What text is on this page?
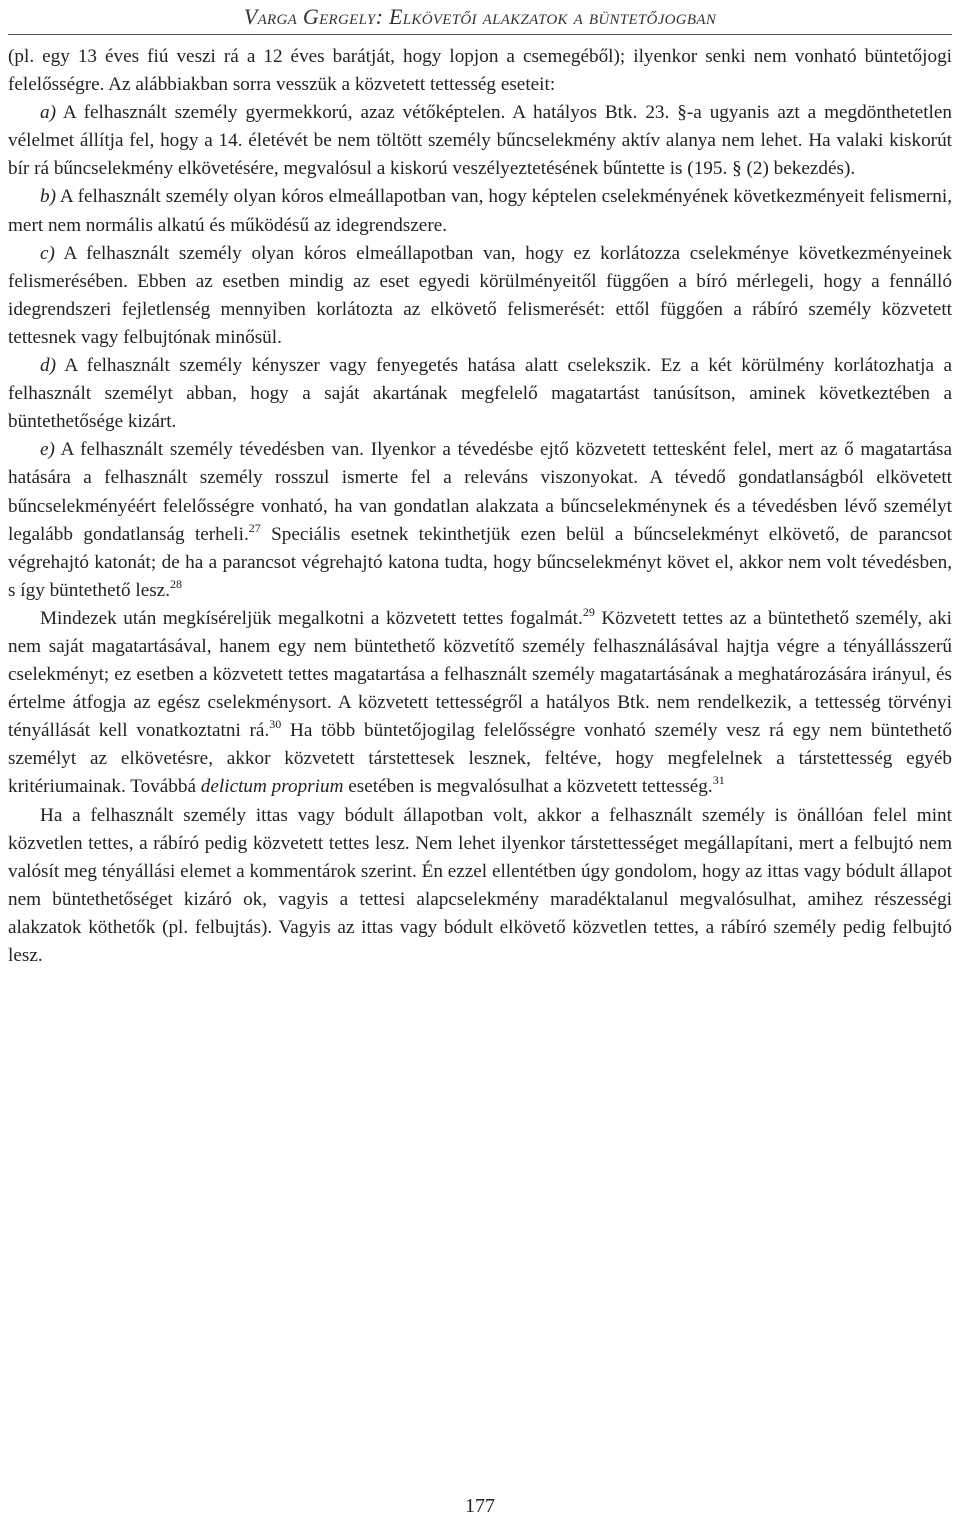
Varga Gergely: Elkövetői alakzatok a büntetőjogban

(pl. egy 13 éves fiú veszi rá a 12 éves barátját, hogy lopjon a csemegéből); ilyenkor senki nem vonható büntetőjogi felelősségre. Az alábbiakban sorra vesszük a közvetett tettesség eseteit:

a) A felhasznált személy gyermekkorú, azaz vétőképtelen. A hatályos Btk. 23. §-a ugyanis azt a megdönthetetlen vélelmet állítja fel, hogy a 14. életévét be nem töltött személy bűncselekmény aktív alanya nem lehet. Ha valaki kiskorút bír rá bűncselekmény elkövetésére, megvalósul a kiskorú veszélyeztetésének bűntette is (195. § (2) bekezdés).

b) A felhasznált személy olyan kóros elmeállapotban van, hogy képtelen cselekményének következményeit felismerni, mert nem normális alkatú és működésű az idegrendszere.

c) A felhasznált személy olyan kóros elmeállapotban van, hogy ez korlátozza cselekménye következményeinek felismerésében. Ebben az esetben mindig az eset egyedi körülményeitől függően a bíró mérlegeli, hogy a fennálló idegrendszeri fejletlenség mennyiben korlátozta az elkövető felismerését: ettől függően a rábíró személy közvetett tettesnek vagy felbujtónak minősül.

d) A felhasznált személy kényszer vagy fenyegetés hatása alatt cselekszik. Ez a két körülmény korlátozhatja a felhasznált személyt abban, hogy a saját akartának megfelelő magatartást tanúsítson, aminek következtében a büntethetősége kizárt.

e) A felhasznált személy tévedésben van. Ilyenkor a tévedésbe ejtő közvetett tettesként felel, mert az ő magatartása hatására a felhasznált személy rosszul ismerte fel a releváns viszonyokat. A tévedő gondatlanságból elkövetett bűncselekményéért felelősségre vonható, ha van gondatlan alakzata a bűncselekménynek és a tévedésben lévő személyt legalább gondatlanság terheli.$^{27}$ Speciális esetnek tekinthetjük ezen belül a bűncselekményt elkövető, de parancsot végrehajtó katonát; de ha a parancsot végrehajtó katona tudta, hogy bűncselekményt követ el, akkor nem volt tévedésben, s így büntethető lesz.$^{28}$

Mindezek után megkíséreljük megalkotni a közvetett tettes fogalmát.$^{29}$ Közvetett tettes az a büntethető személy, aki nem saját magatartásával, hanem egy nem büntethető közvetítő személy felhasználásával hajtja végre a tényállásszerű cselekményt; ez esetben a közvetett tettes magatartása a felhasznált személy magatartásának a meghatározására irányul, és értelme átfogja az egész cselekménysort. A közvetett tettességről a hatályos Btk. nem rendelkezik, a tettesség törvényi tényállását kell vonatkoztatni rá.$^{30}$ Ha több büntetőjogilag felelősségre vonható személy vesz rá egy nem büntethető személyt az elkövetésre, akkor közvetett társtettesek lesznek, feltéve, hogy megfelelnek a társtettesség egyéb kritériumainak. Továbbá delictum proprium esetében is megvalósulhat a közvetett tettesség.$^{31}$

Ha a felhasznált személy ittas vagy bódult állapotban volt, akkor a felhasznált személy is önállóan felel mint közvetlen tettes, a rábíró pedig közvetett tettes lesz. Nem lehet ilyenkor társtettességet megállapítani, mert a felbujtó nem valósít meg tényállási elemet a kommentárok szerint. Én ezzel ellentétben úgy gondolom, hogy az ittas vagy bódult állapot nem büntethetőséget kizáró ok, vagyis a tettesi alapcselekmény maradéktalanul megvalósulhat, amihez részességi alakzatok köthetők (pl. felbujtás). Vagyis az ittas vagy bódult elkövető közvetlen tettes, a rábíró személy pedig felbujtó lesz.

177
